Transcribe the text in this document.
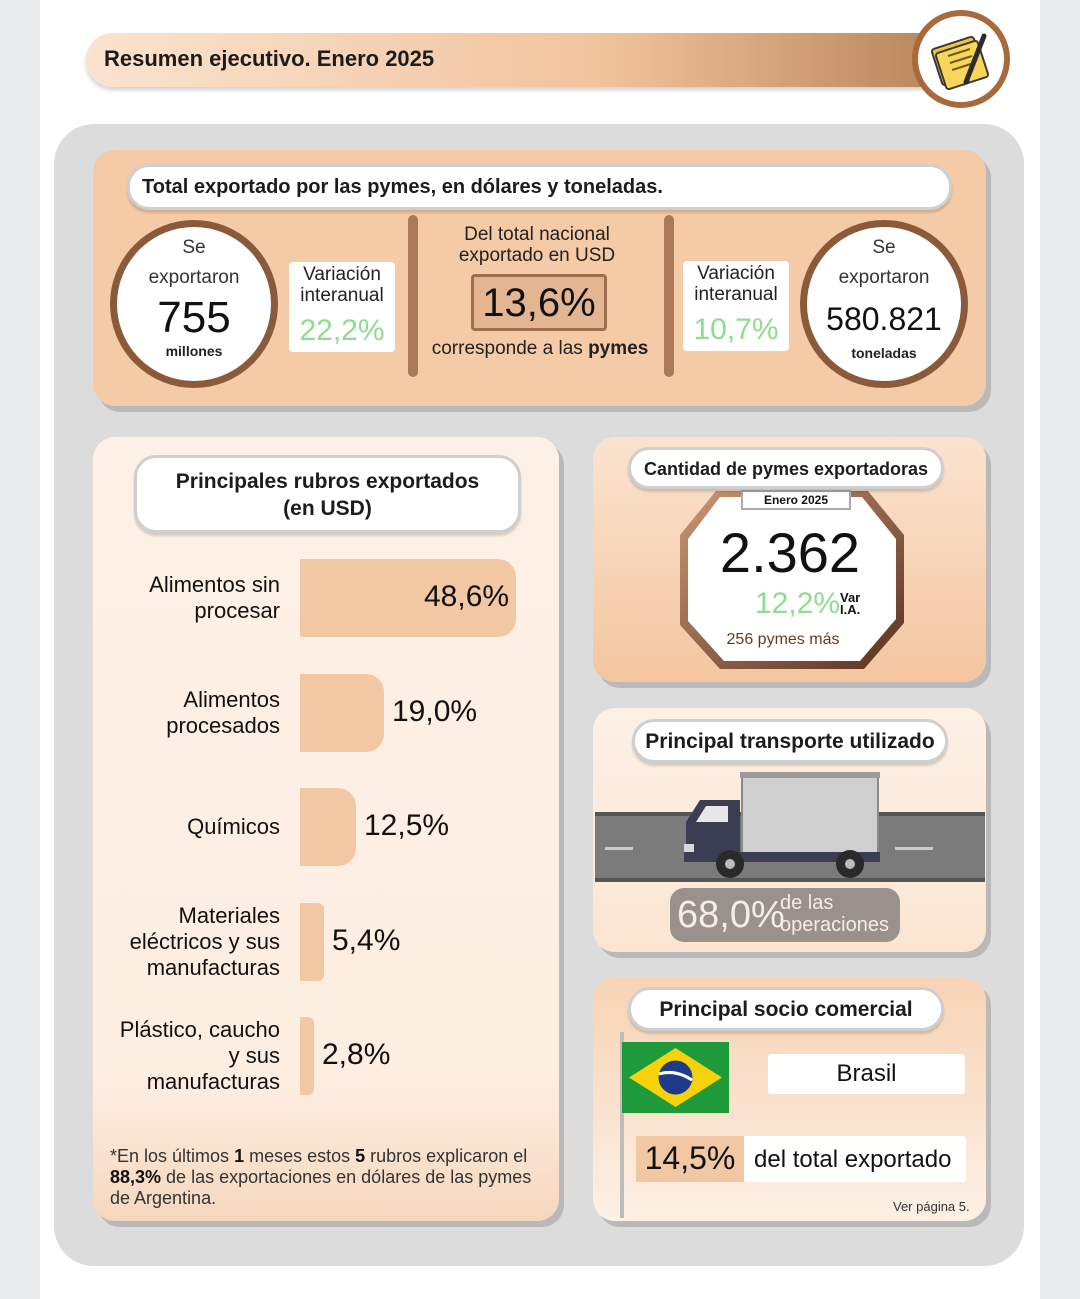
Resumen ejecutivo. Enero 2025
Total exportado por las pymes, en dólares y toneladas.
Se
exportaron
755
millones
Variación
interanual
22,2%
Del total nacional
exportado en USD
13,6%
corresponde a las pymes
Variación
interanual
10,7%
Se
exportaron
580.821
toneladas
Principales rubros exportados
(en USD)
Alimentos sin
procesar	48,6%
Alimentos
procesados	19,0%
Químicos	12,5%
Materiales
eléctricos y sus
manufacturas
5,4%
Plástico, caucho
y sus
manufacturas
2,8%
*En los últimos 1 meses estos 5 rubros explicaron el 88,3% de las exportaciones en dólares de las pymes de Argentina.
Enero 2025
Cantidad de pymes exportadoras
2.362
12,2% Var
I.A.
256 pymes más
Principal transporte utilizado
68,0%
de las
operaciones
Principal socio comercial
Brasil
14,5% del total exportado
Ver página 5.
